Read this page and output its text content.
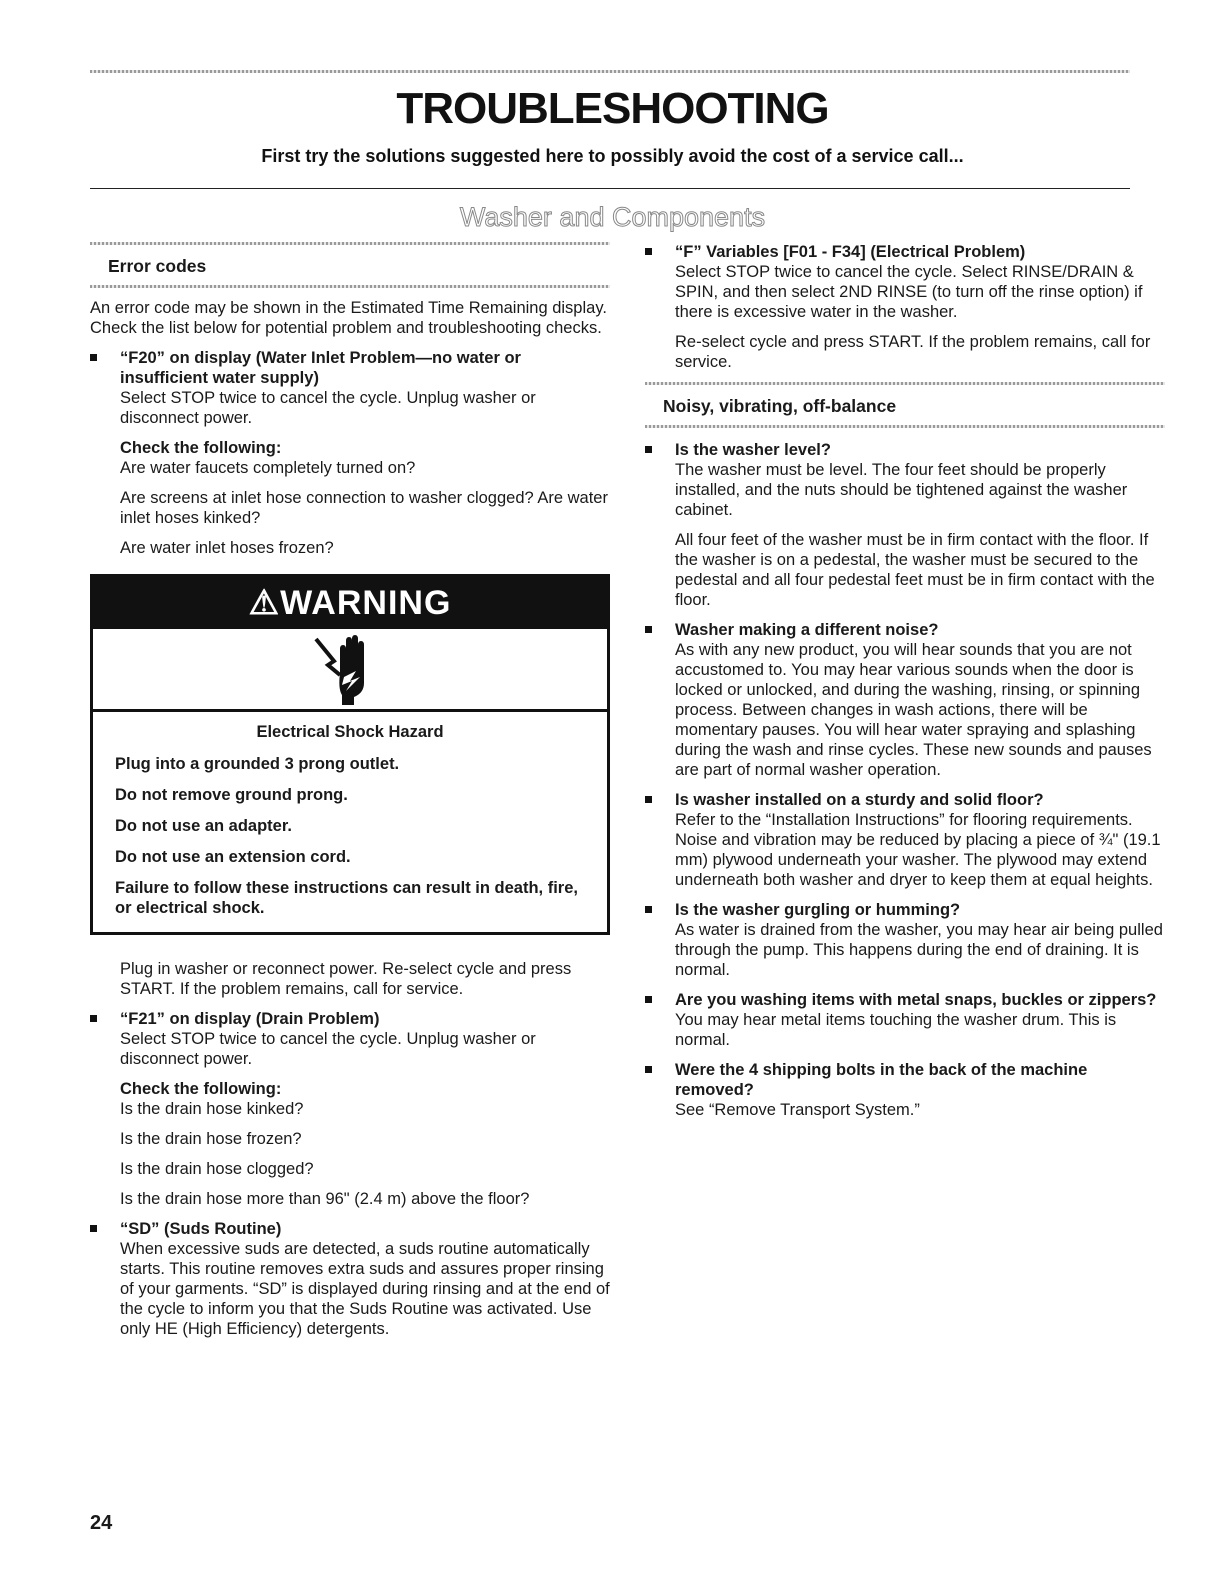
TROUBLESHOOTING
First try the solutions suggested here to possibly avoid the cost of a service call...
Washer and Components
Error codes

An error code may be shown in the Estimated Time Remaining display. Check the list below for potential problem and troubleshooting checks.

“F20” on display (Water Inlet Problem—no water or insufficient water supply)

Select STOP twice to cancel the cycle. Unplug washer or disconnect power.

Check the following:

Are water faucets completely turned on?

Are screens at inlet hose connection to washer clogged? Are water inlet hoses kinked?

Are water inlet hoses frozen?

⚠WARNING
Electrical Shock Hazard

Plug into a grounded 3 prong outlet.

Do not remove ground prong.

Do not use an adapter.

Do not use an extension cord.

Failure to follow these instructions can result in death, fire, or electrical shock.

Plug in washer or reconnect power. Re-select cycle and press START. If the problem remains, call for service.

“F21” on display (Drain Problem)

Select STOP twice to cancel the cycle. Unplug washer or disconnect power.

Check the following:

Is the drain hose kinked?

Is the drain hose frozen?

Is the drain hose clogged?

Is the drain hose more than 96" (2.4 m) above the floor?

“SD” (Suds Routine)

When excessive suds are detected, a suds routine automatically starts. This routine removes extra suds and assures proper rinsing of your garments. “SD” is displayed during rinsing and at the end of the cycle to inform you that the Suds Routine was activated. Use only HE (High Efficiency) detergents.

“F” Variables [F01 - F34] (Electrical Problem)

Select STOP twice to cancel the cycle. Select RINSE/DRAIN & SPIN, and then select 2ND RINSE (to turn off the rinse option) if there is excessive water in the washer.

Re-select cycle and press START. If the problem remains, call for service.

Noisy, vibrating, off-balance
Is the washer level?

The washer must be level. The four feet should be properly installed, and the nuts should be tightened against the washer cabinet.

All four feet of the washer must be in firm contact with the floor. If the washer is on a pedestal, the washer must be secured to the pedestal and all four pedestal feet must be in firm contact with the floor.

Washer making a different noise?

As with any new product, you will hear sounds that you are not accustomed to. You may hear various sounds when the door is locked or unlocked, and during the washing, rinsing, or spinning process. Between changes in wash actions, there will be momentary pauses. You will hear water spraying and splashing during the wash and rinse cycles. These new sounds and pauses are part of normal washer operation.

Is washer installed on a sturdy and solid floor?

Refer to the “Installation Instructions” for flooring requirements. Noise and vibration may be reduced by placing a piece of ¾" (19.1 mm) plywood underneath your washer. The plywood may extend underneath both washer and dryer to keep them at equal heights.

Is the washer gurgling or humming?

As water is drained from the washer, you may hear air being pulled through the pump. This happens during the end of draining. It is normal.

Are you washing items with metal snaps, buckles or zippers?

You may hear metal items touching the washer drum. This is normal.

Were the 4 shipping bolts in the back of the machine removed?

See “Remove Transport System.”

24
